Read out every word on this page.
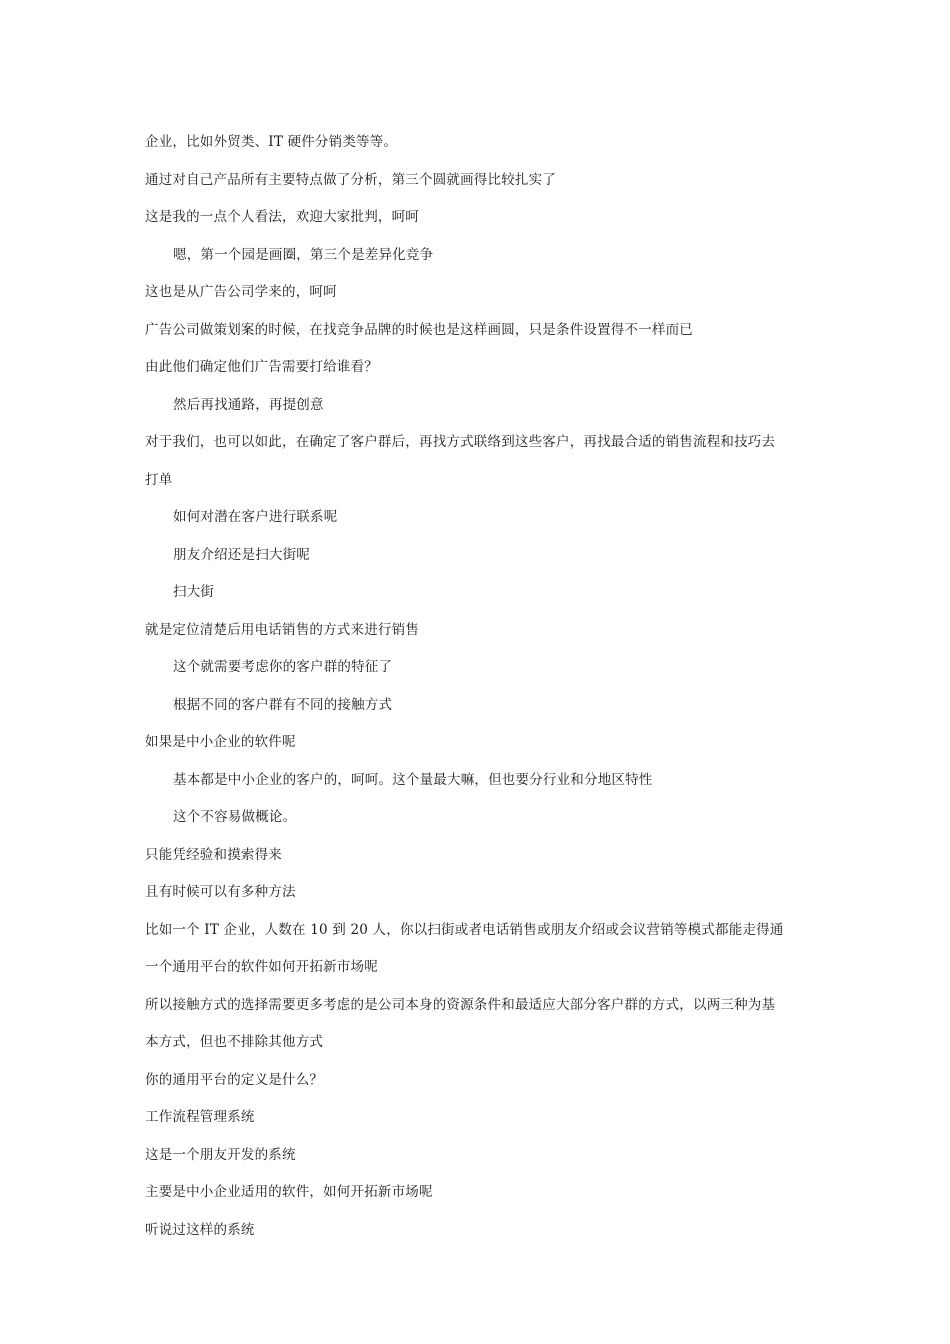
企业，比如外贸类、IT 硬件分销类等等。
通过对自己产品所有主要特点做了分析，第三个圆就画得比较扎实了
这是我的一点个人看法，欢迎大家批判，呵呵
嗯，第一个园是画圈，第三个是差异化竞争
这也是从广告公司学来的，呵呵
广告公司做策划案的时候，在找竞争品牌的时候也是这样画圆，只是条件设置得不一样而已
由此他们确定他们广告需要打给谁看？
然后再找通路，再提创意
对于我们，也可以如此，在确定了客户群后，再找方式联络到这些客户，再找最合适的销售流程和技巧去
打单
如何对潜在客户进行联系呢
朋友介绍还是扫大街呢
扫大街
就是定位清楚后用电话销售的方式来进行销售
这个就需要考虑你的客户群的特征了
根据不同的客户群有不同的接触方式
如果是中小企业的软件呢
基本都是中小企业的客户的，呵呵。这个量最大嘛，但也要分行业和分地区特性
这个不容易做概论。
只能凭经验和摸索得来
且有时候可以有多种方法
比如一个 IT 企业，人数在 10 到 20 人，你以扫街或者电话销售或朋友介绍或会议营销等模式都能走得通
一个通用平台的软件如何开拓新市场呢
所以接触方式的选择需要更多考虑的是公司本身的资源条件和最适应大部分客户群的方式，以两三种为基
本方式，但也不排除其他方式
你的通用平台的定义是什么？
工作流程管理系统
这是一个朋友开发的系统
主要是中小企业适用的软件，如何开拓新市场呢
听说过这样的系统
